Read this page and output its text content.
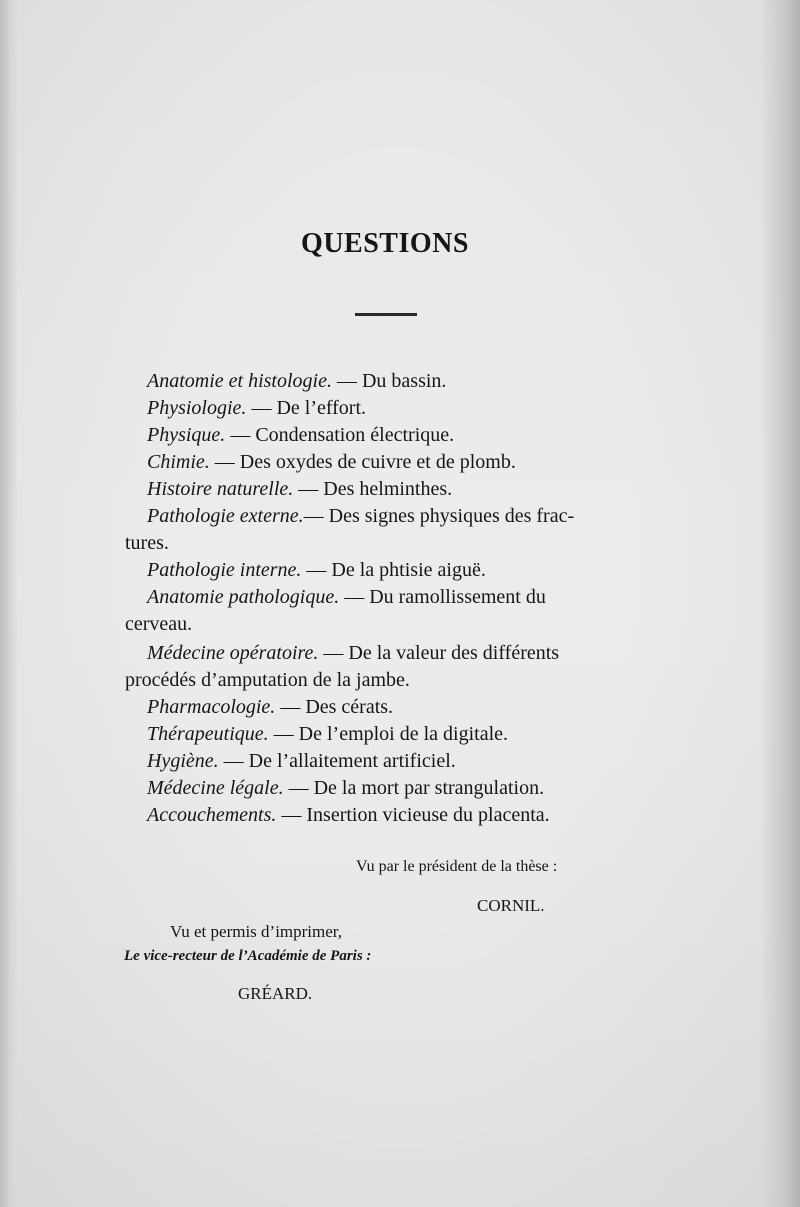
QUESTIONS
Anatomie et histologie. — Du bassin.
Physiologie. — De l’effort.
Physique. — Condensation électrique.
Chimie. — Des oxydes de cuivre et de plomb.
Histoire naturelle. — Des helminthes.
Pathologie externe.— Des signes physiques des frac-
tures.
Pathologie interne. — De la phtisie aiguë.
Anatomie pathologique. — Du ramollissement du
cerveau.
Médecine opératoire. — De la valeur des différents
procédés d’amputation de la jambe.
Pharmacologie. — Des cérats.
Thérapeutique. — De l’emploi de la digitale.
Hygiène. — De l’allaitement artificiel.
Médecine légale. — De la mort par strangulation.
Accouchements. — Insertion vicieuse du placenta.
Vu par le président de la thèse :
CORNIL.
Vu et permis d’imprimer,
Le vice-recteur de l’Académie de Paris :
GRÉARD.
